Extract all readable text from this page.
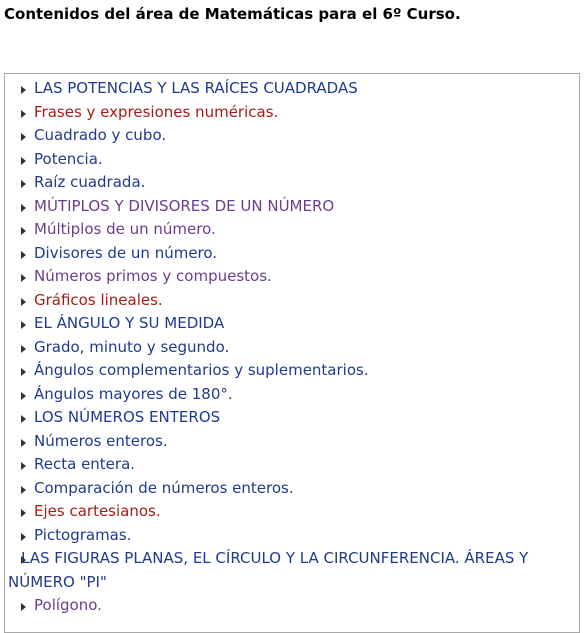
Contenidos del área de Matemáticas para el 6º Curso.
LAS POTENCIAS Y LAS RAÍCES CUADRADAS
Frases y expresiones numéricas.
Cuadrado y cubo.
Potencia.
Raíz cuadrada.
MÚTIPLOS Y DIVISORES DE UN NÚMERO
Múltiplos de un número.
Divisores de un número.
Números primos y compuestos.
Gráficos lineales.
EL ÁNGULO Y SU MEDIDA
Grado, minuto y segundo.
Ángulos complementarios y suplementarios.
Ángulos mayores de 180°.
LOS NÚMEROS ENTEROS
Números enteros.
Recta entera.
Comparación de números enteros.
Ejes cartesianos.
Pictogramas.
LAS FIGURAS PLANAS, EL CÍRCULO Y LA CIRCUNFERENCIA. ÁREAS Y NÚMERO "PI"
Polígono.
